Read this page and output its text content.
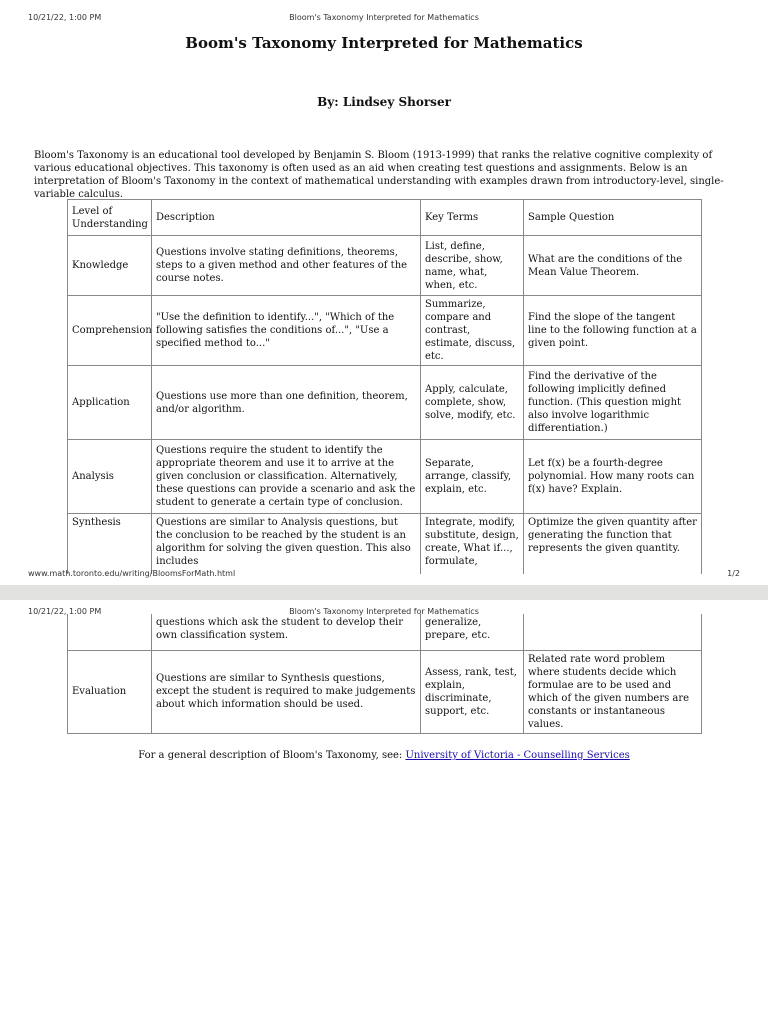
10/21/22, 1:00 PM	Bloom's Taxonomy Interpreted for Mathematics
Boom's Taxonomy Interpreted for Mathematics
By: Lindsey Shorser

Bloom's Taxonomy is an educational tool developed by Benjamin S. Bloom (1913-1999) that ranks the relative cognitive complexity of various educational objectives. This taxonomy is often used as an aid when creating test questions and assignments. Below is an interpretation of Bloom's Taxonomy in the context of mathematical understanding with examples drawn from introductory-level, single-variable calculus.

Level of Understanding	Description	Key Terms	Sample Question
Knowledge	Questions involve stating definitions, theorems, steps to a given method and other features of the course notes.	List, define, describe, show, name, what, when, etc.	What are the conditions of the Mean Value Theorem.
Comprehension	"Use the definition to identify...", "Which of the following satisfies the conditions of...", "Use a specified method to..."	Summarize, compare and contrast, estimate, discuss, etc.	Find the slope of the tangent line to the following function at a given point.
Application	Questions use more than one definition, theorem, and/or algorithm.	Apply, calculate, complete, show, solve, modify, etc.	Find the derivative of the following implicitly defined function. (This question might also involve logarithmic differentiation.)
Analysis	Questions require the student to identify the appropriate theorem and use it to arrive at the given conclusion or classification. Alternatively, these questions can provide a scenario and ask the student to generate a certain type of conclusion.	Separate, arrange, classify, explain, etc.	Let f(x) be a fourth-degree polynomial. How many roots can f(x) have? Explain.
Synthesis	Questions are similar to Analysis questions, but the conclusion to be reached by the student is an algorithm for solving the given question. This also includes	Integrate, modify, substitute, design, create, What if..., formulate,	Optimize the given quantity after generating the function that represents the given quantity.
www.math.toronto.edu/writing/BloomsForMath.html	1/2
10/21/22, 1:00 PM	Bloom's Taxonomy Interpreted for Mathematics
	questions which ask the student to develop their own classification system.	generalize, prepare, etc.	
Evaluation	Questions are similar to Synthesis questions, except the student is required to make judgements about which information should be used.	Assess, rank, test, explain, discriminate, support, etc.	Related rate word problem where students decide which formulae are to be used and which of the given numbers are constants or instantaneous values.
For a general description of Bloom's Taxonomy, see: University of Victoria - Counselling Services
